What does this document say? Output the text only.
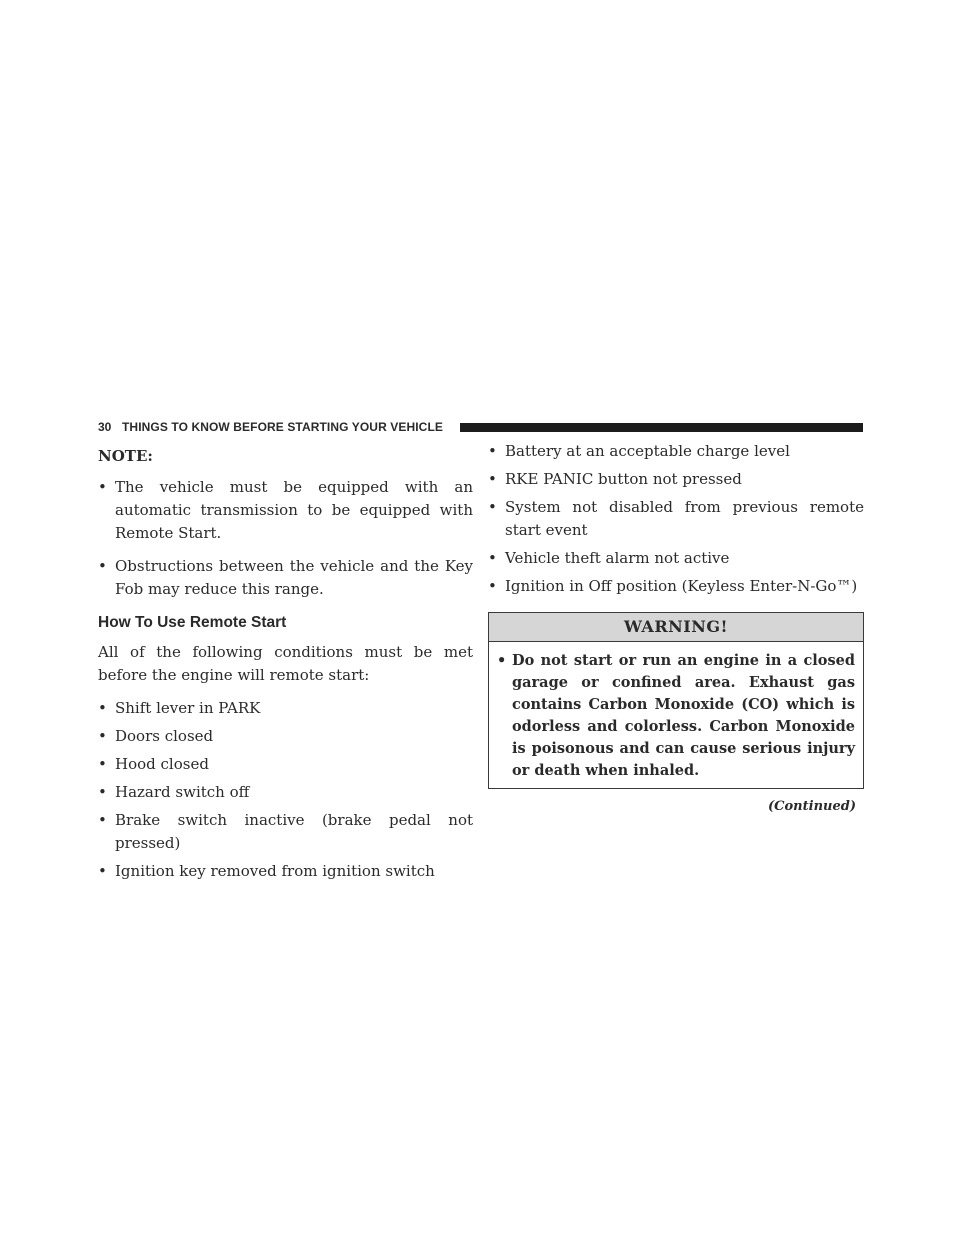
30 THINGS TO KNOW BEFORE STARTING YOUR VEHICLE
NOTE:
• The vehicle must be equipped with an automatic transmission to be equipped with Remote Start.
• Obstructions between the vehicle and the Key Fob may reduce this range.
How To Use Remote Start
All of the following conditions must be met before the engine will remote start:
• Shift lever in PARK
• Doors closed
• Hood closed
• Hazard switch off
• Brake switch inactive (brake pedal not pressed)
• Ignition key removed from ignition switch
• Battery at an acceptable charge level
• RKE PANIC button not pressed
• System not disabled from previous remote start event
• Vehicle theft alarm not active
• Ignition in Off position (Keyless Enter-N-Go™)
WARNING!
• Do not start or run an engine in a closed garage or confined area. Exhaust gas contains Carbon Monoxide (CO) which is odorless and colorless. Carbon Monoxide is poisonous and can cause serious injury or death when inhaled.
(Continued)
